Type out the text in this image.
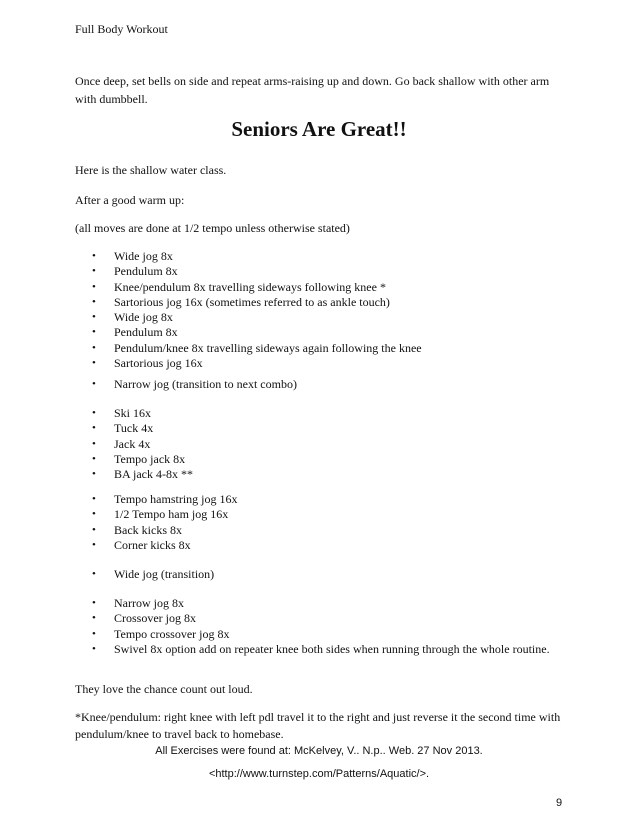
Full Body Workout
Once deep, set bells on side and repeat arms-raising up and down. Go back shallow with other arm with dumbbell.
Seniors Are Great!!
Here is the shallow water class.
After a good warm up:
(all moves are done at 1/2 tempo unless otherwise stated)
• Wide jog 8x
• Pendulum 8x
• Knee/pendulum 8x travelling sideways following knee *
• Sartorious jog 16x (sometimes referred to as ankle touch)
• Wide jog 8x
• Pendulum 8x
• Pendulum/knee 8x travelling sideways again following the knee
• Sartorious jog 16x
• Narrow jog (transition to next combo)
• Ski 16x
• Tuck 4x
• Jack 4x
• Tempo jack 8x
• BA jack 4-8x **
• Tempo hamstring jog 16x
• 1/2 Tempo ham jog 16x
• Back kicks 8x
• Corner kicks 8x
• Wide jog (transition)
• Narrow jog 8x
• Crossover jog 8x
• Tempo crossover jog 8x
• Swivel 8x option add on repeater knee both sides when running through the whole routine.
They love the chance count out loud.
*Knee/pendulum: right knee with left pdl travel it to the right and just reverse it the second time with pendulum/knee to travel back to homebase.
All Exercises were found at: McKelvey, V.. N.p.. Web. 27 Nov 2013.
<http://www.turnstep.com/Patterns/Aquatic/>.
9
